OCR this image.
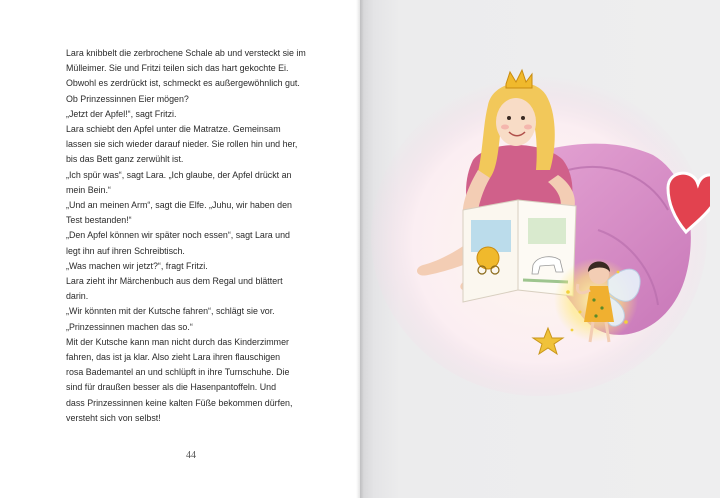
Lara knibbelt die zerbrochene Schale ab und versteckt sie im
Mülleimer. Sie und Fritzi teilen sich das hart gekochte Ei.
Obwohl es zerdrückt ist, schmeckt es außergewöhnlich gut.
Ob Prinzessinnen Eier mögen?
„Jetzt der Apfel!“, sagt Fritzi.
Lara schiebt den Apfel unter die Matratze. Gemeinsam
lassen sie sich wieder darauf nieder. Sie rollen hin und her,
bis das Bett ganz zerwühlt ist.
„Ich spür was“, sagt Lara. „Ich glaube, der Apfel drückt an
mein Bein.“
„Und an meinen Arm“, sagt die Elfe. „Juhu, wir haben den
Test bestanden!“
„Den Apfel können wir später noch essen“, sagt Lara und
legt ihn auf ihren Schreibtisch.
„Was machen wir jetzt?“, fragt Fritzi.
Lara zieht ihr Märchenbuch aus dem Regal und blättert
darin.
„Wir könnten mit der Kutsche fahren“, schlägt sie vor.
„Prinzessinnen machen das so.“
Mit der Kutsche kann man nicht durch das Kinderzimmer
fahren, das ist ja klar. Also zieht Lara ihren flauschigen
rosa Bademantel an und schlüpft in ihre Turnschuhe. Die
sind für draußen besser als die Hasenpantoffeln. Und
dass Prinzessinnen keine kalten Füße bekommen dürfen,
versteht sich von selbst!
44
